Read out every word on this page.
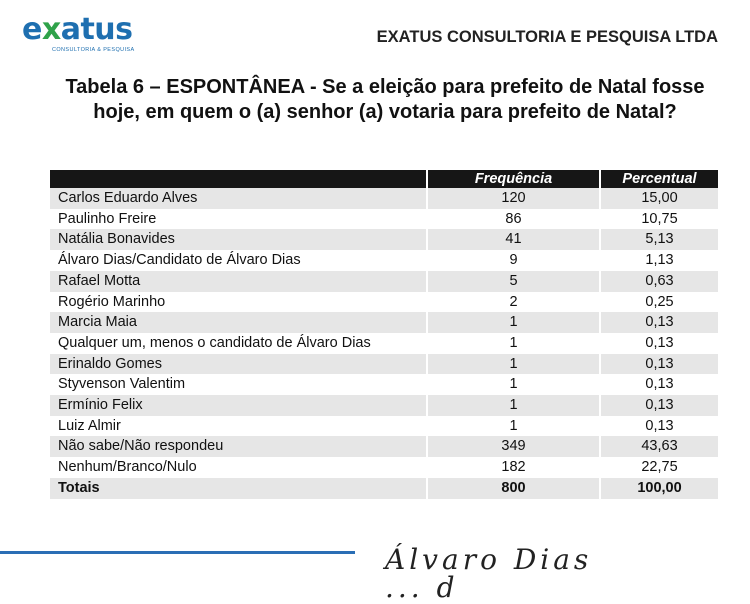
exatus
CONSULTORIA & PESQUISA
EXATUS CONSULTORIA E PESQUISA LTDA
Tabela 6 – ESPONTÂNEA - Se a eleição para prefeito de Natal fosse hoje, em quem o (a) senhor (a) votaria para prefeito de Natal?
	Frequência	Percentual
Carlos Eduardo Alves	120	15,00
Paulinho Freire	86	10,75
Natália Bonavides	41	5,13
Álvaro Dias/Candidato de Álvaro Dias	9	1,13
Rafael Motta	5	0,63
Rogério Marinho	2	0,25
Marcia Maia	1	0,13
Qualquer um, menos o candidato de Álvaro Dias	1	0,13
Erinaldo Gomes	1	0,13
Styvenson Valentim	1	0,13
Ermínio Felix	1	0,13
Luiz Almir	1	0,13
Não sabe/Não respondeu	349	43,63
Nenhum/Branco/Nulo	182	22,75
Totais	800	100,00
Álvaro Dias ... d
